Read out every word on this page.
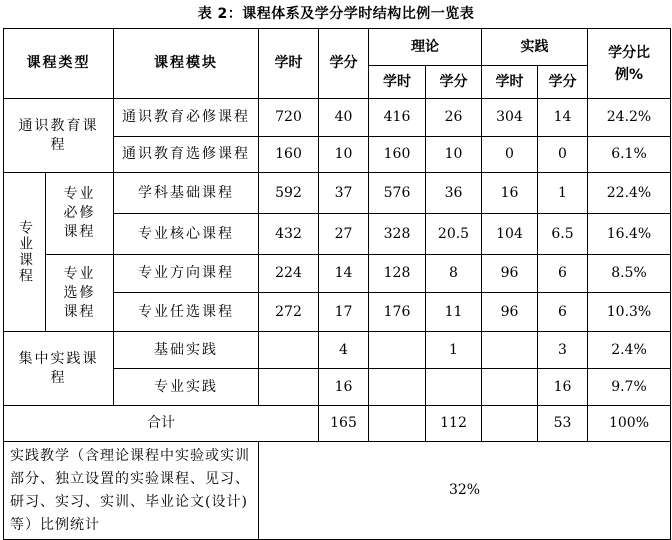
表 2：课程体系及学分学时结构比例一览表
课程类型		课程模块	学时	学分	理论		实践		学分比例%

					学时	学分	学时	学分	

通识教育课程		通识教育必修课程	720	40	416	26	304	14	24.2%
		通识教育选修课程	160	10	160	10	0	0	6.1%

专业课程	专业必修课程	学科基础课程	592	37	576	36	16	1	22.4%
		专业核心课程	432	27	328	20.5	104	6.5	16.4%

	专业选修课程	专业方向课程	224	14	128	8	96	6	8.5%
		专业任选课程	272	17	176	11	96	6	10.3%

集中实践课程		基础实践		4		1		3	2.4%
		专业实践		16				16	9.7%
合计				165		112		53	100%
实践教学（含理论课程中实验或实训部分、独立设置的实验课程、见习、研习、实习、实训、毕业论文(设计)等）比例统计			32%						
